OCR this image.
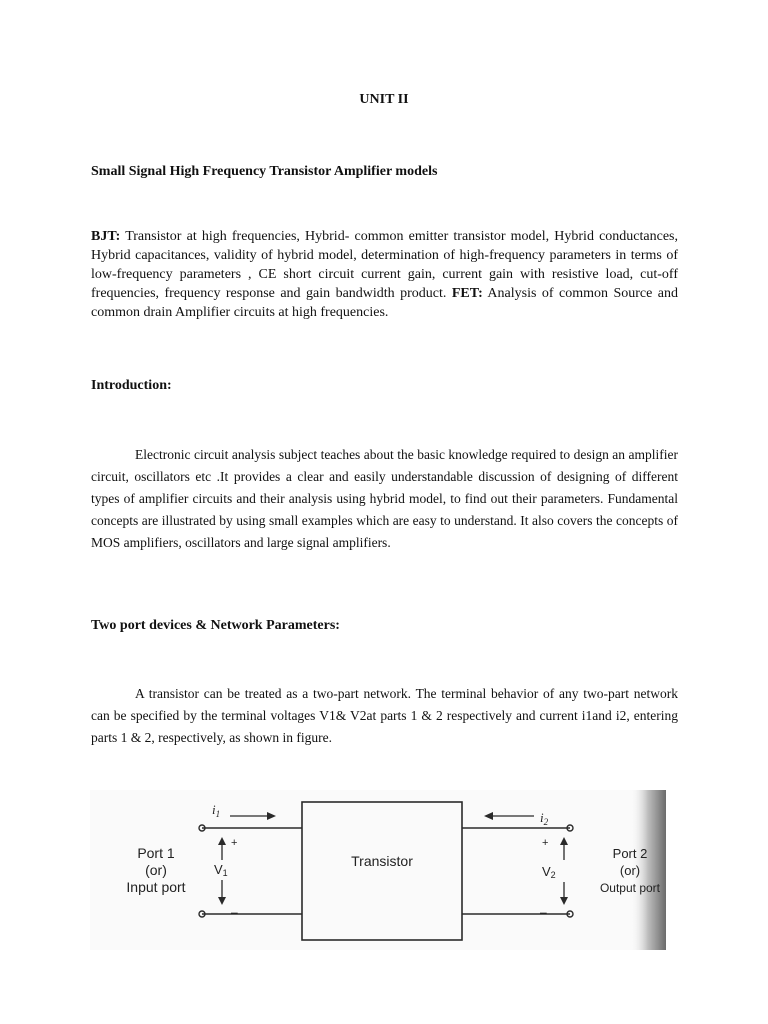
UNIT II
Small Signal High Frequency Transistor Amplifier models
BJT: Transistor at high frequencies, Hybrid- common emitter transistor model, Hybrid conductances, Hybrid capacitances, validity of hybrid model, determination of high-frequency parameters in terms of low-frequency parameters , CE short circuit current gain, current gain with resistive load, cut-off frequencies, frequency response and gain bandwidth product. FET: Analysis of common Source and common drain Amplifier circuits at high frequencies.
Introduction:
Electronic circuit analysis subject teaches about the basic knowledge required to design an amplifier circuit, oscillators etc .It provides a clear and easily understandable discussion of designing of different types of amplifier circuits and their analysis using hybrid model, to find out their parameters. Fundamental concepts are illustrated by using small examples which are easy to understand. It also covers the concepts of MOS amplifiers, oscillators and large signal amplifiers.
Two port devices & Network Parameters:
A transistor can be treated as a two-part network. The terminal behavior of any two-part network can be specified by the terminal voltages V1& V2at parts 1 & 2 respectively and current i1and i2, entering parts 1 & 2, respectively, as shown in figure.
Transistor
$i_1$	$i_2$
+
–
V1
+
–
V2
Port 1
(or)
Input port
Port 2
(or)
Output port
